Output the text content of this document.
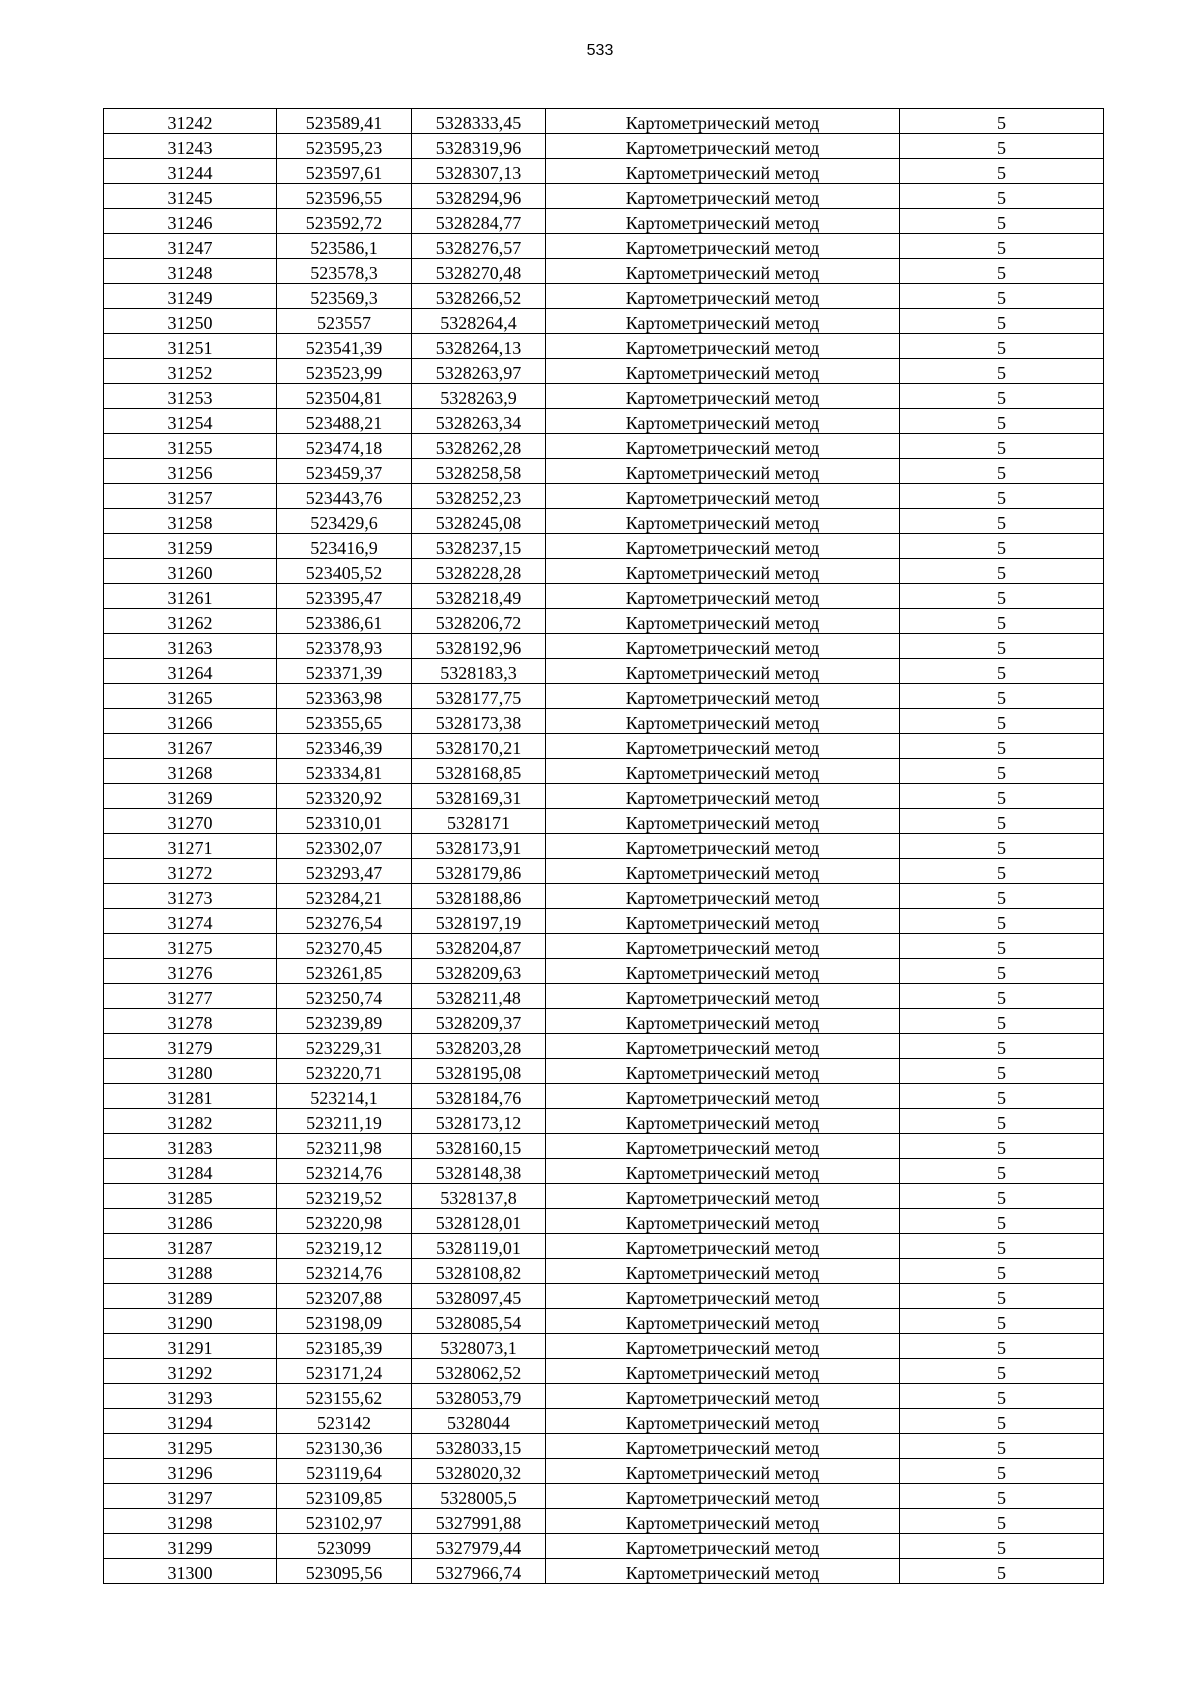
533
31242	523589,41	5328333,45	Картометрический метод	5
31243	523595,23	5328319,96	Картометрический метод	5
31244	523597,61	5328307,13	Картометрический метод	5
31245	523596,55	5328294,96	Картометрический метод	5
31246	523592,72	5328284,77	Картометрический метод	5
31247	523586,1	5328276,57	Картометрический метод	5
31248	523578,3	5328270,48	Картометрический метод	5
31249	523569,3	5328266,52	Картометрический метод	5
31250	523557	5328264,4	Картометрический метод	5
31251	523541,39	5328264,13	Картометрический метод	5
31252	523523,99	5328263,97	Картометрический метод	5
31253	523504,81	5328263,9	Картометрический метод	5
31254	523488,21	5328263,34	Картометрический метод	5
31255	523474,18	5328262,28	Картометрический метод	5
31256	523459,37	5328258,58	Картометрический метод	5
31257	523443,76	5328252,23	Картометрический метод	5
31258	523429,6	5328245,08	Картометрический метод	5
31259	523416,9	5328237,15	Картометрический метод	5
31260	523405,52	5328228,28	Картометрический метод	5
31261	523395,47	5328218,49	Картометрический метод	5
31262	523386,61	5328206,72	Картометрический метод	5
31263	523378,93	5328192,96	Картометрический метод	5
31264	523371,39	5328183,3	Картометрический метод	5
31265	523363,98	5328177,75	Картометрический метод	5
31266	523355,65	5328173,38	Картометрический метод	5
31267	523346,39	5328170,21	Картометрический метод	5
31268	523334,81	5328168,85	Картометрический метод	5
31269	523320,92	5328169,31	Картометрический метод	5
31270	523310,01	5328171	Картометрический метод	5
31271	523302,07	5328173,91	Картометрический метод	5
31272	523293,47	5328179,86	Картометрический метод	5
31273	523284,21	5328188,86	Картометрический метод	5
31274	523276,54	5328197,19	Картометрический метод	5
31275	523270,45	5328204,87	Картометрический метод	5
31276	523261,85	5328209,63	Картометрический метод	5
31277	523250,74	5328211,48	Картометрический метод	5
31278	523239,89	5328209,37	Картометрический метод	5
31279	523229,31	5328203,28	Картометрический метод	5
31280	523220,71	5328195,08	Картометрический метод	5
31281	523214,1	5328184,76	Картометрический метод	5
31282	523211,19	5328173,12	Картометрический метод	5
31283	523211,98	5328160,15	Картометрический метод	5
31284	523214,76	5328148,38	Картометрический метод	5
31285	523219,52	5328137,8	Картометрический метод	5
31286	523220,98	5328128,01	Картометрический метод	5
31287	523219,12	5328119,01	Картометрический метод	5
31288	523214,76	5328108,82	Картометрический метод	5
31289	523207,88	5328097,45	Картометрический метод	5
31290	523198,09	5328085,54	Картометрический метод	5
31291	523185,39	5328073,1	Картометрический метод	5
31292	523171,24	5328062,52	Картометрический метод	5
31293	523155,62	5328053,79	Картометрический метод	5
31294	523142	5328044	Картометрический метод	5
31295	523130,36	5328033,15	Картометрический метод	5
31296	523119,64	5328020,32	Картометрический метод	5
31297	523109,85	5328005,5	Картометрический метод	5
31298	523102,97	5327991,88	Картометрический метод	5
31299	523099	5327979,44	Картометрический метод	5
31300	523095,56	5327966,74	Картометрический метод	5
